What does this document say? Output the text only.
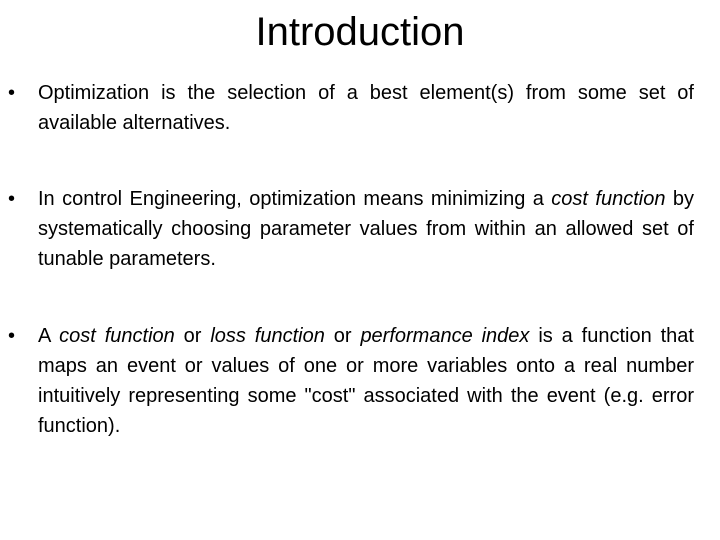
Introduction
• Optimization is the selection of a best element(s) from some set of available alternatives.
• In control Engineering, optimization means minimizing a cost function by systematically choosing parameter values from within an allowed set of tunable parameters.
• A cost function or loss function or performance index is a function that maps an event or values of one or more variables onto a real number intuitively representing some "cost" associated with the event (e.g. error function).
